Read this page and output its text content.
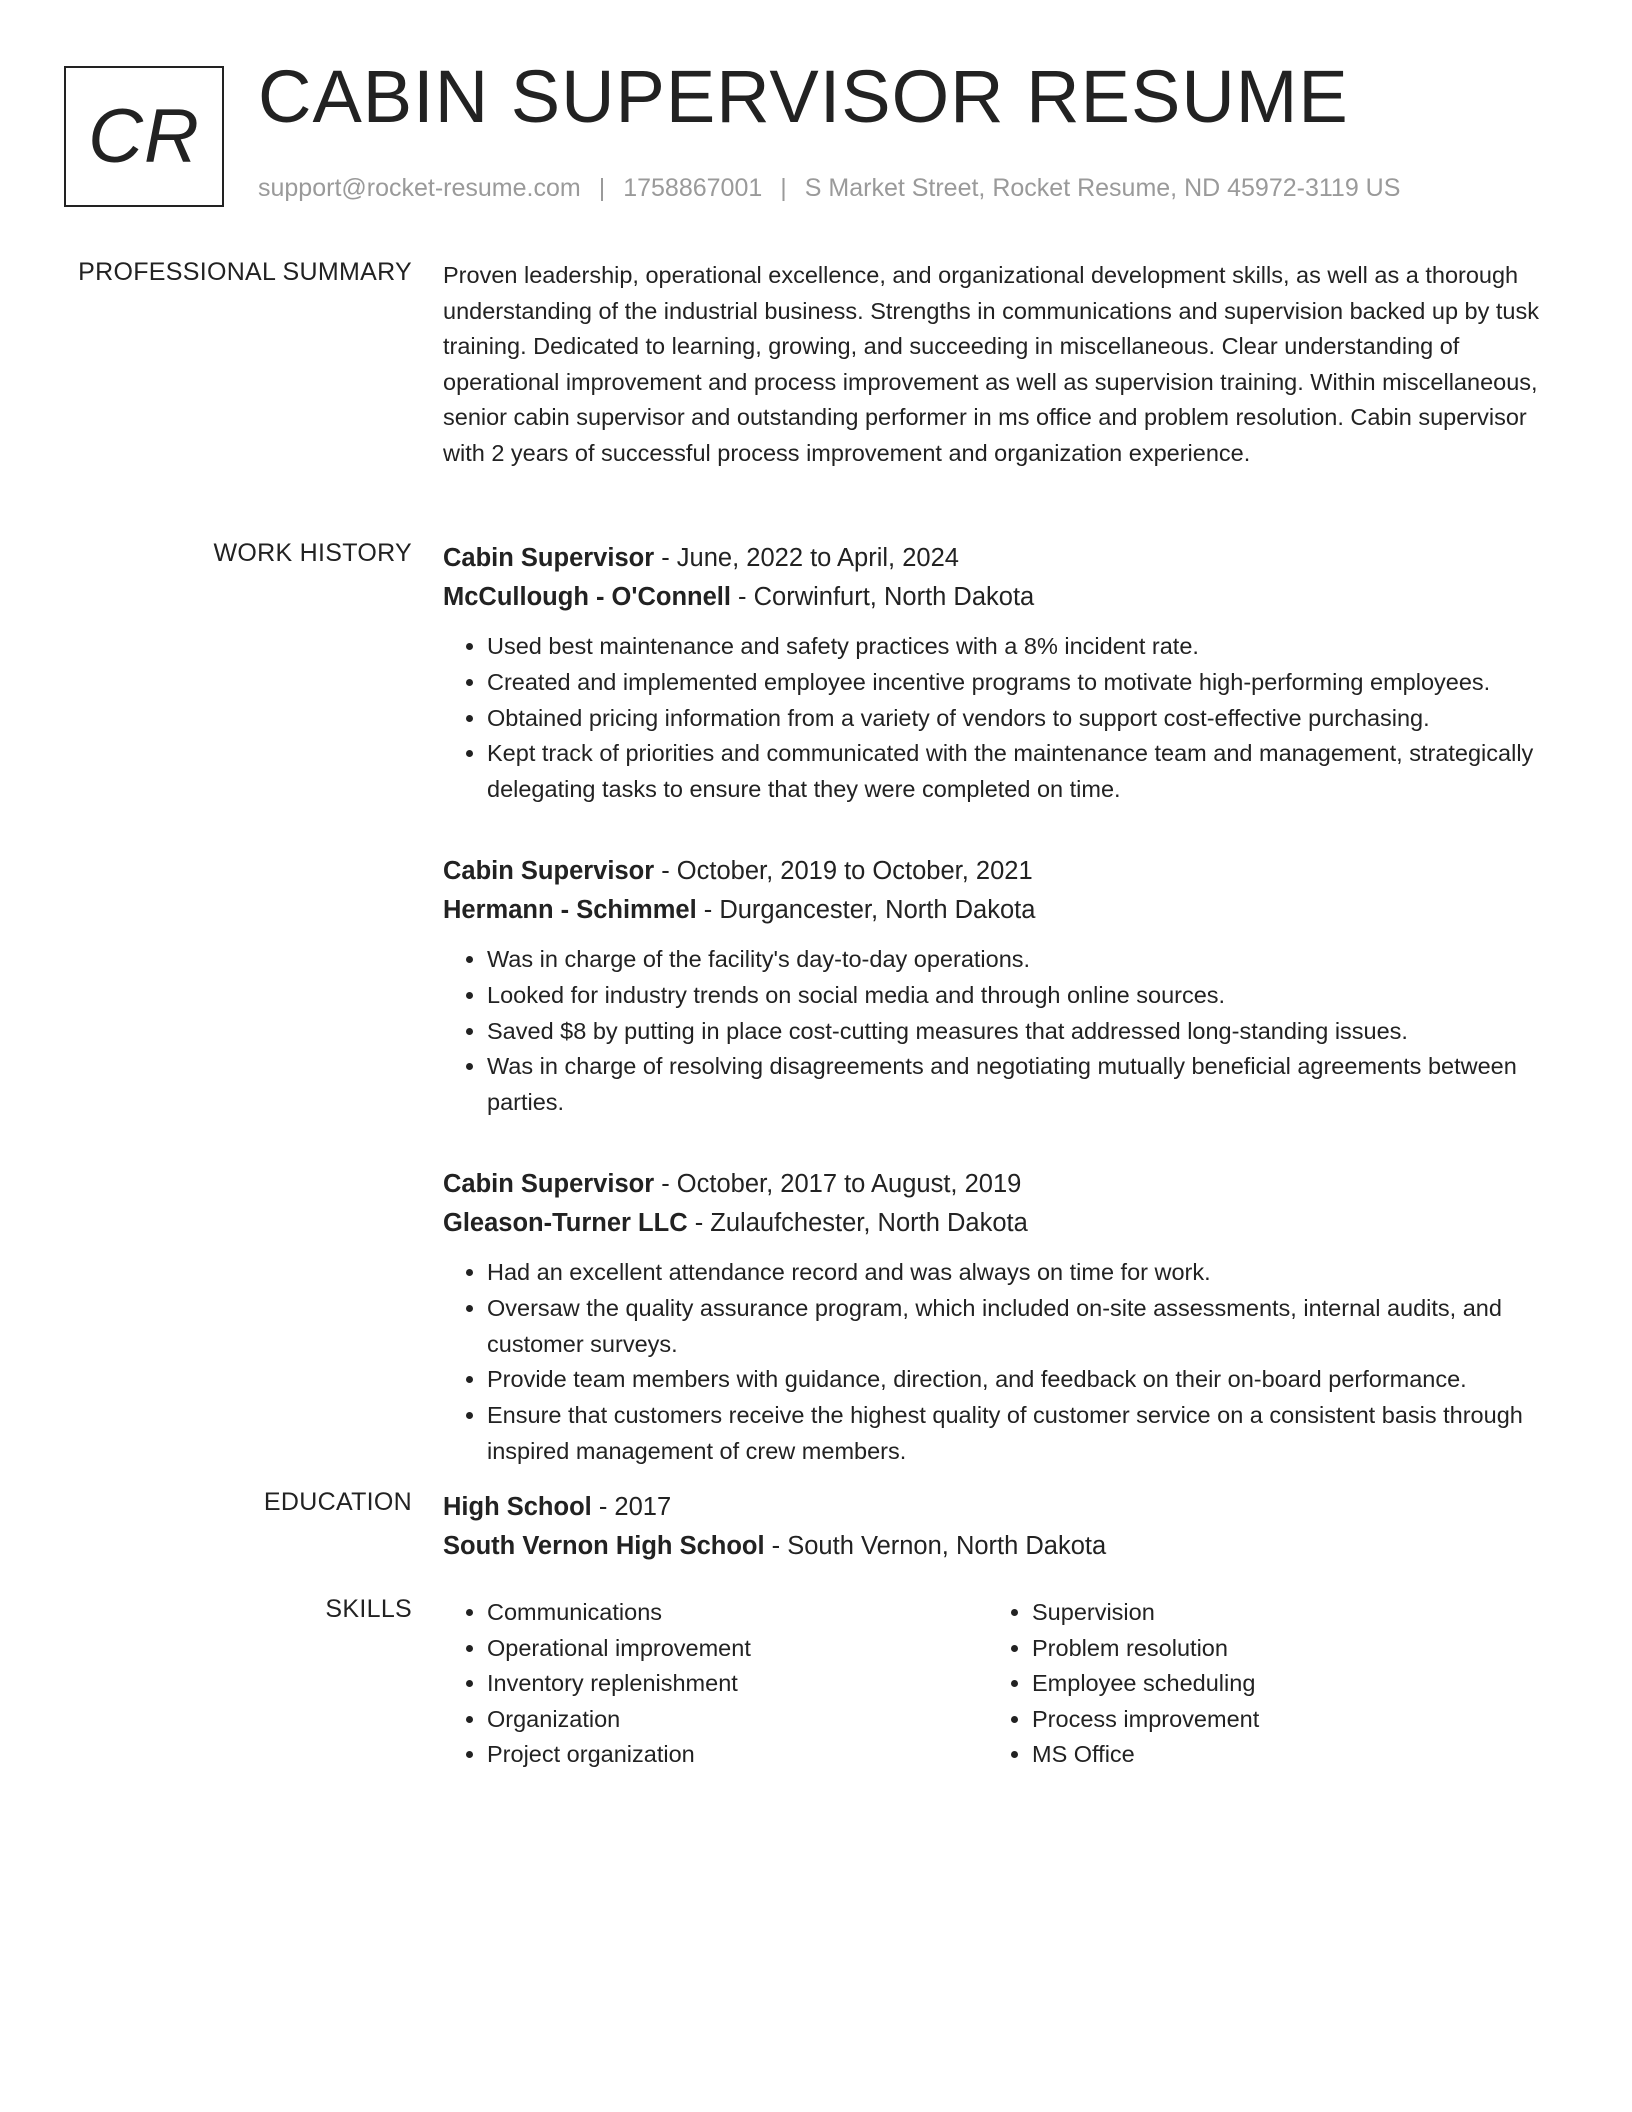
CR CABIN SUPERVISOR RESUME
support@rocket-resume.com | 1758867001 | S Market Street, Rocket Resume, ND 45972-3119 US
PROFESSIONAL SUMMARY Proven leadership, operational excellence, and organizational development skills, as well as a thorough understanding of the industrial business. Strengths in communications and supervision backed up by tusk training. Dedicated to learning, growing, and succeeding in miscellaneous. Clear understanding of operational improvement and process improvement as well as supervision training. Within miscellaneous, senior cabin supervisor and outstanding performer in ms office and problem resolution. Cabin supervisor with 2 years of successful process improvement and organization experience.
WORK HISTORY Cabin Supervisor - June, 2022 to April, 2024
McCullough - O'Connell - Corwinfurt, North Dakota
• Used best maintenance and safety practices with a 8% incident rate.
• Created and implemented employee incentive programs to motivate high-performing employees.
• Obtained pricing information from a variety of vendors to support cost-effective purchasing.
• Kept track of priorities and communicated with the maintenance team and management, strategically delegating tasks to ensure that they were completed on time.
Cabin Supervisor - October, 2019 to October, 2021
Hermann - Schimmel - Durgancester, North Dakota
• Was in charge of the facility's day-to-day operations.
• Looked for industry trends on social media and through online sources.
• Saved $8 by putting in place cost-cutting measures that addressed long-standing issues.
• Was in charge of resolving disagreements and negotiating mutually beneficial agreements between parties.
Cabin Supervisor - October, 2017 to August, 2019
Gleason-Turner LLC - Zulaufchester, North Dakota
• Had an excellent attendance record and was always on time for work.
• Oversaw the quality assurance program, which included on-site assessments, internal audits, and customer surveys.
• Provide team members with guidance, direction, and feedback on their on-board performance.
• Ensure that customers receive the highest quality of customer service on a consistent basis through inspired management of crew members.
EDUCATION High School - 2017
South Vernon High School - South Vernon, North Dakota
SKILLS
•	Communications
• Operational improvement
• Inventory replenishment
• Organization
• Project organization
• Supervision
• Problem resolution
• Employee scheduling
• Process improvement
• MS Office
